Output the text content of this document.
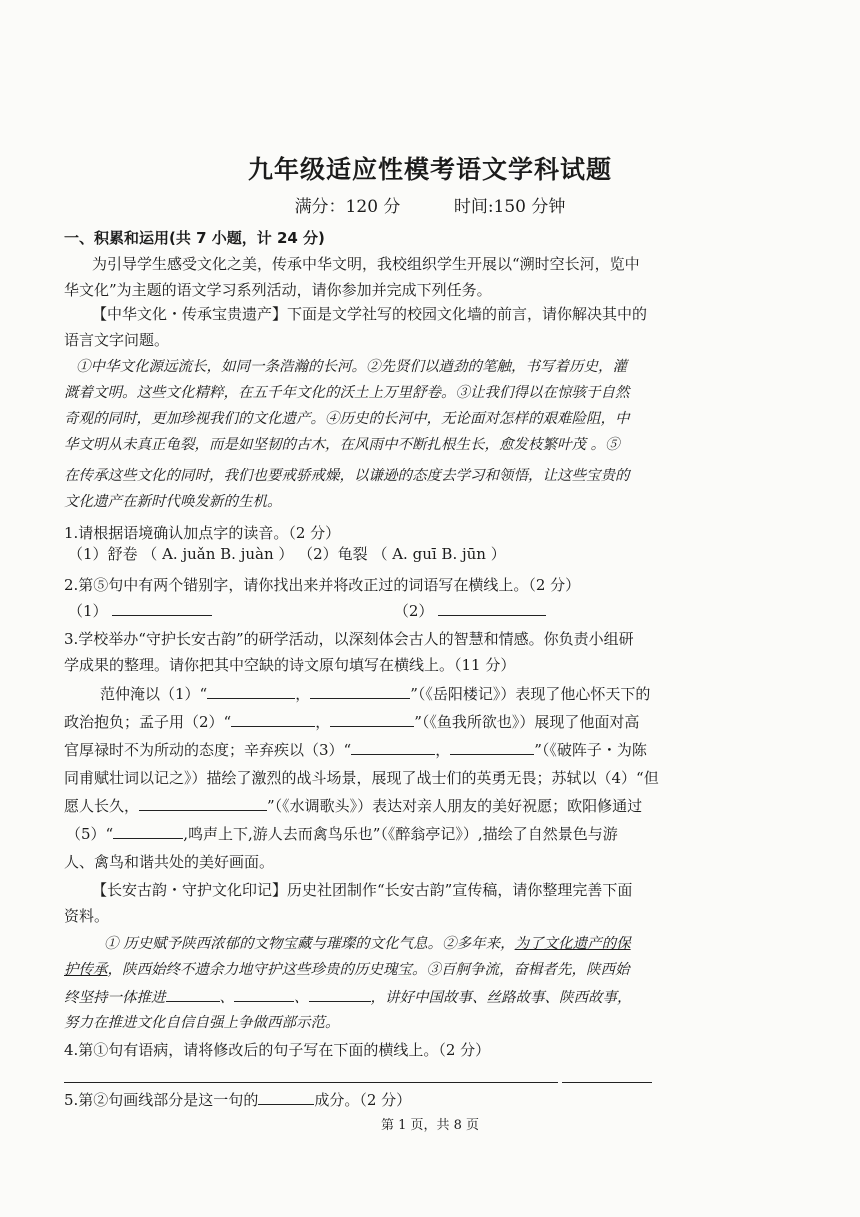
九年级适应性模考语文学科试题
满分：120 分	时间:150 分钟
一、积累和运用(共 7 小题，计 24 分)
为引导学生感受文化之美，传承中华文明，我校组织学生开展以“溯时空长河，览中
华文化”为主题的语文学习系列活动，请你参加并完成下列任务。
【中华文化・传承宝贵遗产】下面是文学社写的校园文化墙的前言，请你解决其中的
语言文字问题。
①中华文化源远流长，如同一条浩瀚的长河。②先贤们以遒劲的笔触，书写着历史，灌
溉着文明。这些文化精粹，在五千年文化的沃土上万里舒卷。③让我们得以在惊骇于自然
奇观的同时，更加珍视我们的文化遗产。④历史的长河中，无论面对怎样的艰难险阻，中
华文明从未真正龟裂，而是如坚韧的古木，在风雨中不断扎根生长，愈发枝繁叶茂 。⑤
在传承这些文化的同时，我们也要戒骄戒燥，以谦逊的态度去学习和领悟，让这些宝贵的
文化遗产在新时代唤发新的生机。
1.请根据语境确认加点字的读音。（2 分）
（1）舒卷 （ A. juǎn B. juàn ） （2）龟裂 （ A. guī B. jūn ）
2.第⑤句中有两个错别字，请你找出来并将改正过的词语写在横线上。（2 分）
（1）	（2）
3.学校举办“守护长安古韵”的研学活动，以深刻体会古人的智慧和情感。你负责小组研
学成果的整理。请你把其中空缺的诗文原句填写在横线上。（11 分）
范仲淹以（1）“	，	”（《岳阳楼记》）表现了他心怀天下的
政治抱负；孟子用（2）“	，	”（《鱼我所欲也》）展现了他面对高
官厚禄时不为所动的态度；辛弃疾以（3）“	，	”（《破阵子・为陈
同甫赋壮词以记之》）描绘了激烈的战斗场景，展现了战士们的英勇无畏；苏轼以（4）“但
愿人长久，	”（《水调歌头》）表达对亲人朋友的美好祝愿；欧阳修通过
（5）“	,鸣声上下,游人去而禽鸟乐也”（《醉翁亭记》）,描绘了自然景色与游
人、禽鸟和谐共处的美好画面。
【长安古韵・守护文化印记】历史社团制作“长安古韵”宣传稿，请你整理完善下面
资料。
① 历史赋予陕西浓郁的文物宝藏与璀璨的文化气息。②多年来，为了文化遗产的保
护传承，陕西始终不遗余力地守护这些珍贵的历史瑰宝。③百舸争流，奋楫者先，陕西始
终坚持一体推进	、	、	，讲好中国故事、丝路故事、陕西故事，
努力在推进文化自信自强上争做西部示范。
4.第①句有语病，请将修改后的句子写在下面的横线上。（2 分）
5.第②句画线部分是这一句的	成分。（2 分）
第 1 页，共 8 页
